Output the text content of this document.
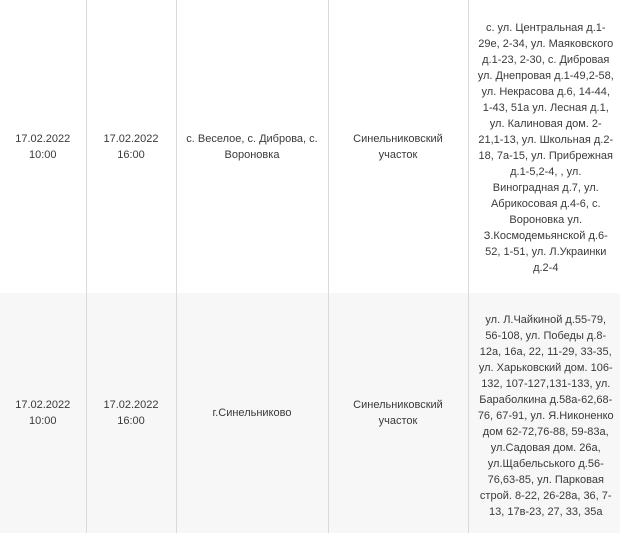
17.02.2022
10:00	17.02.2022
16:00	с. Веселое, с. Диброва, с. Вороновка	Синельниковский участок	с. ул. Центральная д.1-29е, 2-34, ул. Маяковского д.1-23, 2-30, с. Дибровая ул. Днепровая д.1-49,2-58, ул. Некрасова д.6, 14-44, 1-43, 51а ул. Лесная д.1, ул. Калиновая дом. 2-21,1-13, ул. Школьная д.2-18, 7а-15, ул. Прибрежная д.1-5,2-4, , ул. Виноградная д.7, ул. Абрикосовая д.4-6, с. Вороновка ул. З.Космодемьянской д.6-52, 1-51, ул. Л.Украинки д.2-4

17.02.2022
10:00	17.02.2022
16:00	г.Синельниково	Синельниковский участок	ул. Л.Чайкиной д.55-79, 56-108, ул. Победы д.8-12а, 16а, 22, 11-29, 33-35, ул. Харьковский дом. 106-132, 107-127,131-133, ул. Бараболкина д.58а-62,68-76, 67-91, ул. Я.Никоненко дом 62-72,76-88, 59-83а, ул.Садовая дом. 26а, ул.Щабельського д.56-76,63-85, ул. Парковая строй. 8-22, 26-28а, 36, 7-13, 17в-23, 27, 33, 35а
